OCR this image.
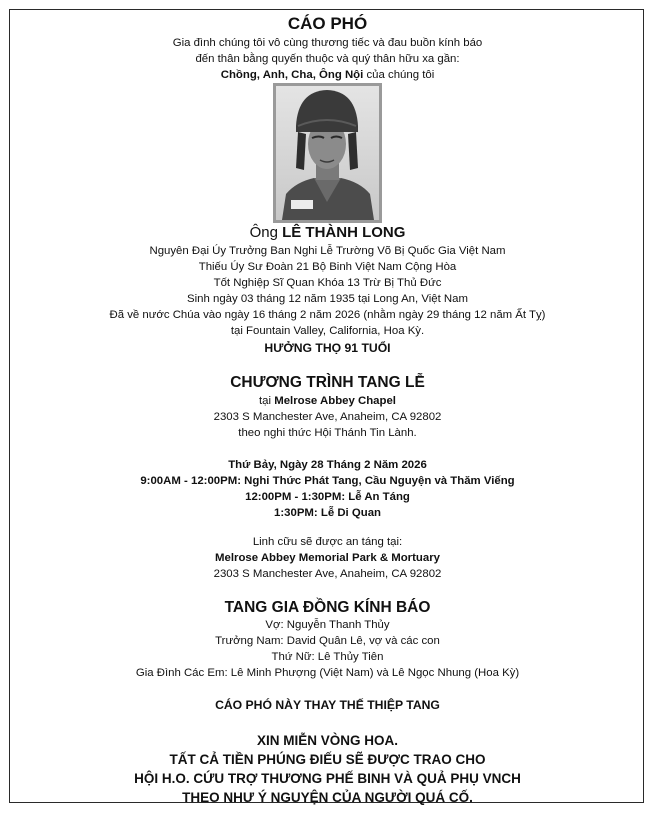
CÁO PHÓ
Gia đình chúng tôi vô cùng thương tiếc và đau buồn kính báo
đến thân bằng quyến thuộc và quý thân hữu xa gần:
Chồng, Anh, Cha, Ông Nội của chúng tôi
Ông LÊ THÀNH LONG
Nguyên Đại Úy Trưởng Ban Nghi Lễ Trường Võ Bị Quốc Gia Việt Nam
Thiếu Úy Sư Đoàn 21 Bộ Binh Việt Nam Cộng Hòa
Tốt Nghiệp Sĩ Quan Khóa 13 Trừ Bị Thủ Đức
Sinh ngày 03 tháng 12 năm 1935 tại Long An, Việt Nam
Đã về nước Chúa vào ngày 16 tháng 2 năm 2026 (nhằm ngày 29 tháng 12 năm Ất Tỵ)
tại Fountain Valley, California, Hoa Kỳ.
HƯỞNG THỌ 91 TUỔI
CHƯƠNG TRÌNH TANG LỄ
tại Melrose Abbey Chapel
2303 S Manchester Ave, Anaheim, CA 92802
theo nghi thức Hội Thánh Tin Lành.
Thứ Bảy, Ngày 28 Tháng 2 Năm 2026
9:00AM - 12:00PM: Nghi Thức Phát Tang, Cầu Nguyện và Thăm Viếng
12:00PM - 1:30PM: Lễ An Táng
1:30PM: Lễ Di Quan
Linh cữu sẽ được an táng tại:
Melrose Abbey Memorial Park & Mortuary
2303 S Manchester Ave, Anaheim, CA 92802
TANG GIA ĐỒNG KÍNH BÁO
Vợ: Nguyễn Thanh Thủy
Trưởng Nam: David Quân Lê, vợ và các con
Thứ Nữ: Lê Thủy Tiên
Gia Đình Các Em: Lê Minh Phượng (Việt Nam) và Lê Ngọc Nhung (Hoa Kỳ)
CÁO PHÓ NÀY THAY THẾ THIỆP TANG
XIN MIỄN VÒNG HOA.
TẤT CẢ TIỀN PHÚNG ĐIẾU SẼ ĐƯỢC TRAO CHO
HỘI H.O. CỨU TRỢ THƯƠNG PHẾ BINH VÀ QUẢ PHỤ VNCH
THEO NHƯ Ý NGUYỆN CỦA NGƯỜI QUÁ CỐ.
